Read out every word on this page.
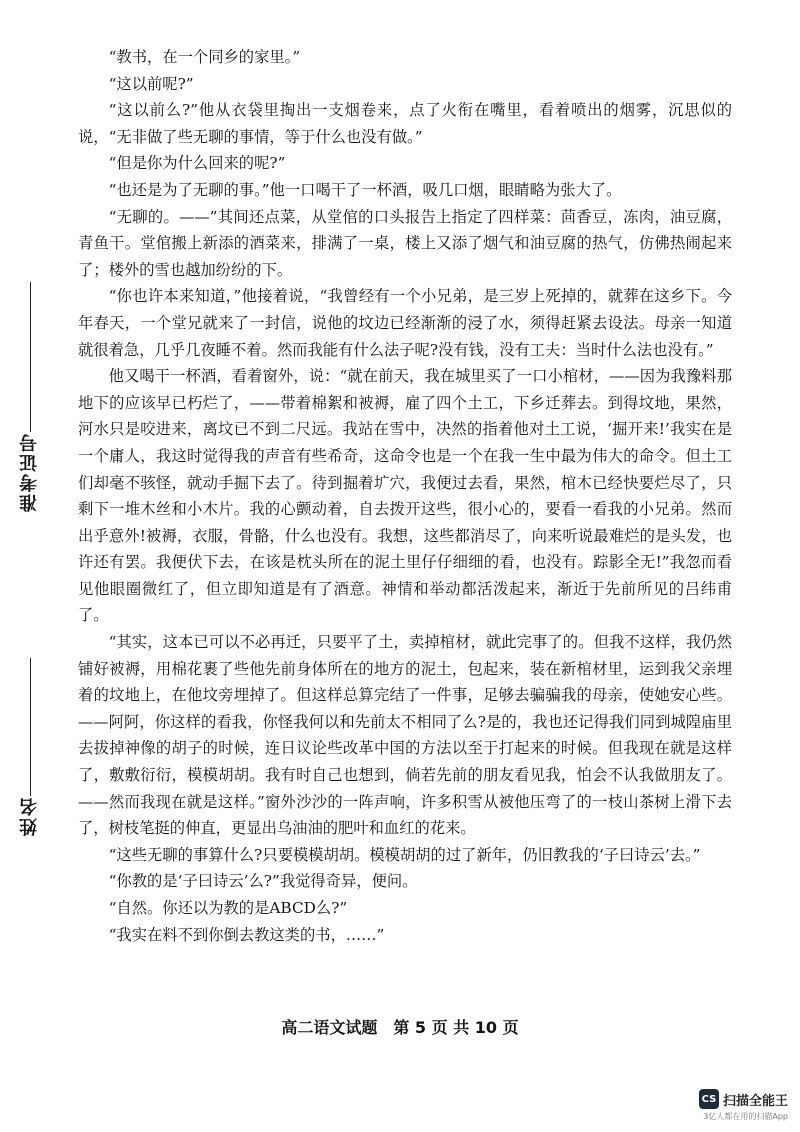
准考证号
姓名

“教书，在一个同乡的家里。”

“这以前呢?”

“这以前么?”他从衣袋里掏出一支烟卷来，点了火衔在嘴里，看着喷出的烟雾，沉思似的说，“无非做了些无聊的事情，等于什么也没有做。”

“但是你为什么回来的呢?”

“也还是为了无聊的事。”他一口喝干了一杯酒，吸几口烟，眼睛略为张大了。

“无聊的。——”其间还点菜，从堂倌的口头报告上指定了四样菜：茴香豆，冻肉，油豆腐，青鱼干。堂倌搬上新添的酒菜来，排满了一桌，楼上又添了烟气和油豆腐的热气，仿佛热闹起来了；楼外的雪也越加纷纷的下。

“你也许本来知道，”他接着说，“我曾经有一个小兄弟，是三岁上死掉的，就葬在这乡下。今年春天，一个堂兄就来了一封信，说他的坟边已经渐渐的浸了水，须得赶紧去设法。母亲一知道就很着急，几乎几夜睡不着。然而我能有什么法子呢?没有钱，没有工夫：当时什么法也没有。”

他又喝干一杯酒，看着窗外，说：“就在前天，我在城里买了一口小棺材，——因为我豫料那地下的应该早已朽烂了，——带着棉絮和被褥，雇了四个土工，下乡迁葬去。到得坟地，果然，河水只是咬进来，离坟已不到二尺远。我站在雪中，决然的指着他对土工说，‘掘开来!’我实在是一个庸人，我这时觉得我的声音有些希奇，这命令也是一个在我一生中最为伟大的命令。但土工们却毫不骇怪，就动手掘下去了。待到掘着圹穴，我便过去看，果然，棺木已经快要烂尽了，只剩下一堆木丝和小木片。我的心颤动着，自去拨开这些，很小心的，要看一看我的小兄弟。然而出乎意外!被褥，衣服，骨骼，什么也没有。我想，这些都消尽了，向来听说最难烂的是头发，也许还有罢。我便伏下去，在该是枕头所在的泥土里仔仔细细的看，也没有。踪影全无!”我忽而看见他眼圈微红了，但立即知道是有了酒意。神情和举动都活泼起来，渐近于先前所见的吕纬甫了。

“其实，这本已可以不必再迁，只要平了土，卖掉棺材，就此完事了的。但我不这样，我仍然铺好被褥，用棉花裹了些他先前身体所在的地方的泥土，包起来，装在新棺材里，运到我父亲埋着的坟地上，在他坟旁埋掉了。但这样总算完结了一件事，足够去骗骗我的母亲，使她安心些。——阿阿，你这样的看我，你怪我何以和先前太不相同了么?是的，我也还记得我们同到城隍庙里去拔掉神像的胡子的时候，连日议论些改革中国的方法以至于打起来的时候。但我现在就是这样了，敷敷衍衍，模模胡胡。我有时自己也想到，倘若先前的朋友看见我，怕会不认我做朋友了。——然而我现在就是这样。”窗外沙沙的一阵声响，许多积雪从被他压弯了的一枝山茶树上滑下去了，树枝笔挺的伸直，更显出乌油油的肥叶和血红的花来。

“这些无聊的事算什么?只要模模胡胡。模模胡胡的过了新年，仍旧教我的‘子曰诗云’去。”

“你教的是‘子曰诗云’么?”我觉得奇异，便问。

“自然。你还以为教的是ABCD么?”

“我实在料不到你倒去教这类的书，……”

高二语文试题　第 5 页 共 10 页
CS 扫描全能王
3亿人都在用的扫描App
